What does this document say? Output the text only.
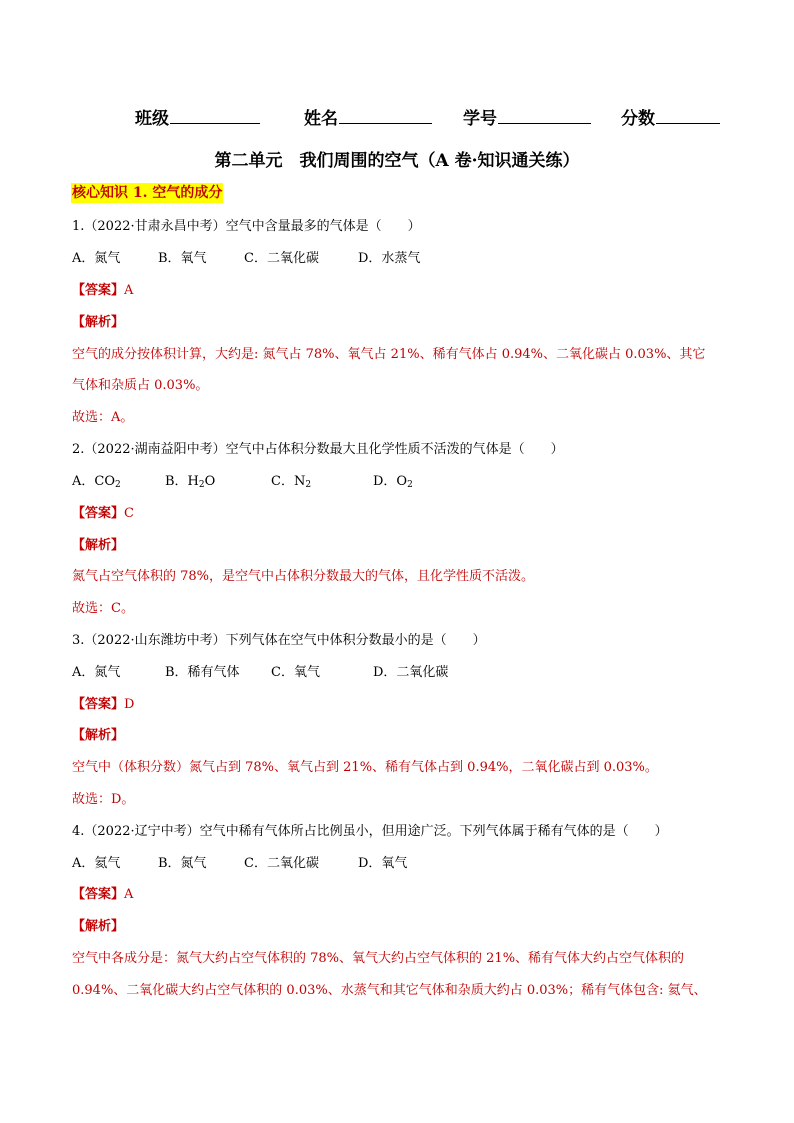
班级	姓名	学号	分数
第二单元　我们周围的空气（A 卷·知识通关练）
核心知识 1. 空气的成分
1.（2022·甘肃永昌中考）空气中含量最多的气体是（　　）
A．氮气	B．氧气	C．二氧化碳	D．水蒸气
【答案】A
【解析】
空气的成分按体积计算，大约是: 氮气占 78%、氧气占 21%、稀有气体占 0.94%、二氧化碳占 0.03%、其它
气体和杂质占 0.03%。
故选：A。
2.（2022·湖南益阳中考）空气中占体积分数最大且化学性质不活泼的气体是（　　）
A．$CO_2$	B．$H_2O$	C．$N_2$	D．$O_2$
【答案】C
【解析】
氮气占空气体积的 78%，是空气中占体积分数最大的气体，且化学性质不活泼。
故选：C。
3.（2022·山东潍坊中考）下列气体在空气中体积分数最小的是（　　）
A．氮气	B．稀有气体 C．氧气	D．二氧化碳
【答案】D
【解析】
空气中（体积分数）氮气占到 78%、氧气占到 21%、稀有气体占到 0.94%，二氧化碳占到 0.03%。
故选：D。
4.（2022·辽宁中考）空气中稀有气体所占比例虽小，但用途广泛。下列气体属于稀有气体的是（　　）
A．氦气	B．氮气	C．二氧化碳	D．氧气
【答案】A
【解析】
空气中各成分是：氮气大约占空气体积的 78%、氧气大约占空气体积的 21%、稀有气体大约占空气体积的
0.94%、二氧化碳大约占空气体积的 0.03%、水蒸气和其它气体和杂质大约占 0.03%；稀有气体包含: 氦气、
